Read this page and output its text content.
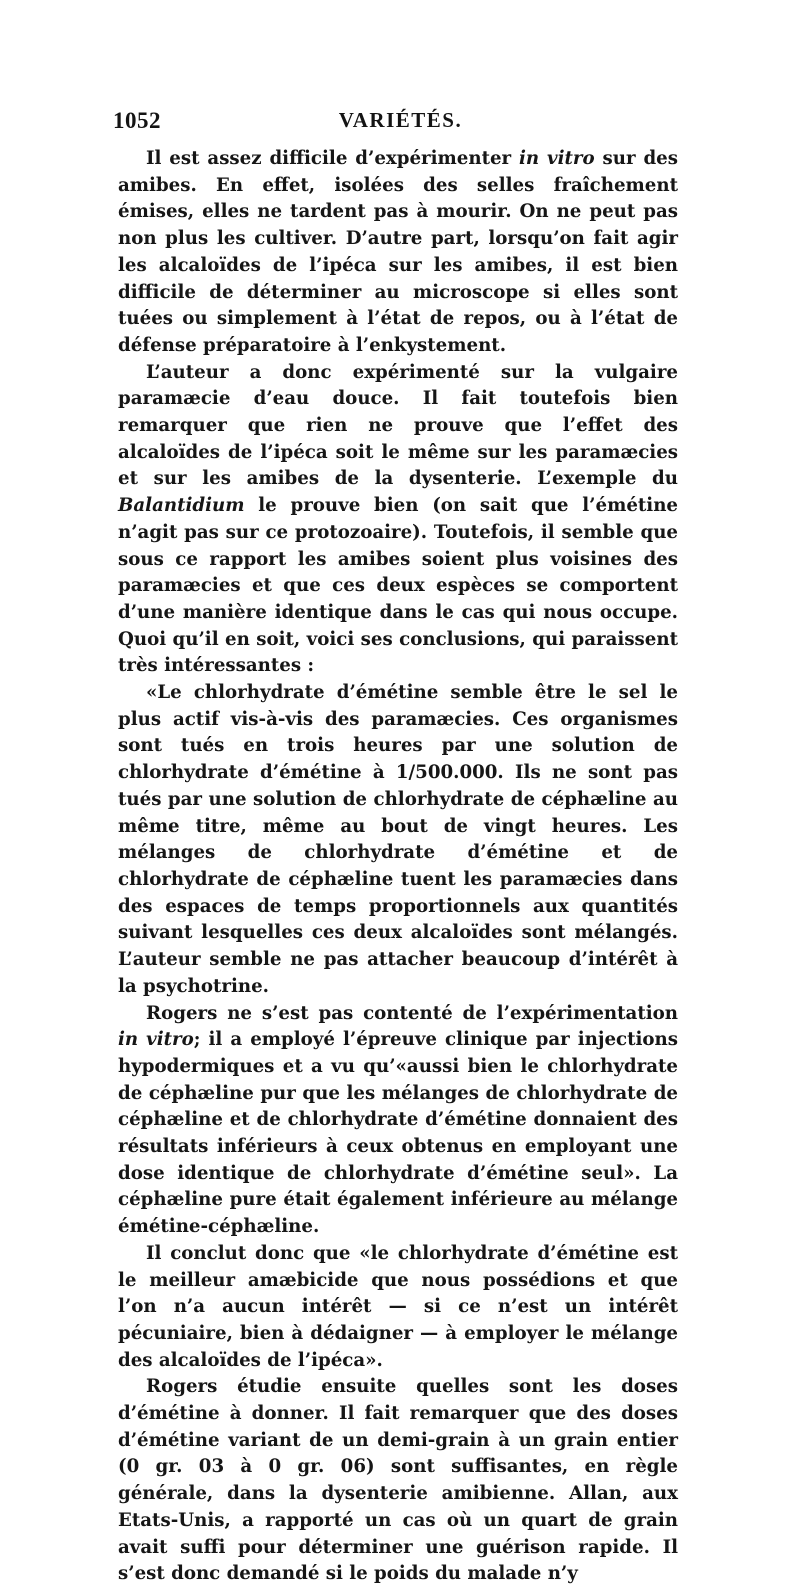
1052	VARIÉTÉS.

Il est assez difficile d’expérimenter in vitro sur des amibes. En effet, isolées des selles fraîchement émises, elles ne tardent pas à mourir. On ne peut pas non plus les cultiver. D’autre part, lorsqu’on fait agir les alcaloïdes de l’ipéca sur les amibes, il est bien difficile de déterminer au microscope si elles sont tuées ou simplement à l’état de repos, ou à l’état de défense préparatoire à l’enkystement.

L’auteur a donc expérimenté sur la vulgaire paramæcie d’eau douce. Il fait toutefois bien remarquer que rien ne prouve que l’effet des alcaloïdes de l’ipéca soit le même sur les paramæcies et sur les amibes de la dysenterie. L’exemple du Balantidium le prouve bien (on sait que l’émétine n’agit pas sur ce protozoaire). Toutefois, il semble que sous ce rapport les amibes soient plus voisines des paramæcies et que ces deux espèces se comportent d’une manière identique dans le cas qui nous occupe. Quoi qu’il en soit, voici ses conclusions, qui paraissent très intéressantes :

«Le chlorhydrate d’émétine semble être le sel le plus actif vis-à-vis des paramæcies. Ces organismes sont tués en trois heures par une solution de chlorhydrate d’émétine à 1/500.000. Ils ne sont pas tués par une solution de chlorhydrate de céphæline au même titre, même au bout de vingt heures. Les mélanges de chlorhydrate d’émétine et de chlorhydrate de céphæline tuent les paramæcies dans des espaces de temps proportionnels aux quantités suivant lesquelles ces deux alcaloïdes sont mélangés. L’auteur semble ne pas attacher beaucoup d’intérêt à la psychotrine.

Rogers ne s’est pas contenté de l’expérimentation in vitro; il a employé l’épreuve clinique par injections hypodermiques et a vu qu’«aussi bien le chlorhydrate de céphæline pur que les mélanges de chlorhydrate de céphæline et de chlorhydrate d’émétine donnaient des résultats inférieurs à ceux obtenus en employant une dose identique de chlorhydrate d’émétine seul». La céphæline pure était également inférieure au mélange émétine-céphæline.

Il conclut donc que «le chlorhydrate d’émétine est le meilleur amæbicide que nous possédions et que l’on n’a aucun intérêt — si ce n’est un intérêt pécuniaire, bien à dédaigner — à employer le mélange des alcaloïdes de l’ipéca».

Rogers étudie ensuite quelles sont les doses d’émétine à donner. Il fait remarquer que des doses d’émétine variant de un demi-grain à un grain entier (0 gr. 03 à 0 gr. 06) sont suffisantes, en règle générale, dans la dysenterie amibienne. Allan, aux Etats-Unis, a rapporté un cas où un quart de grain avait suffi pour déterminer une guérison rapide. Il s’est donc demandé si le poids du malade n’y
